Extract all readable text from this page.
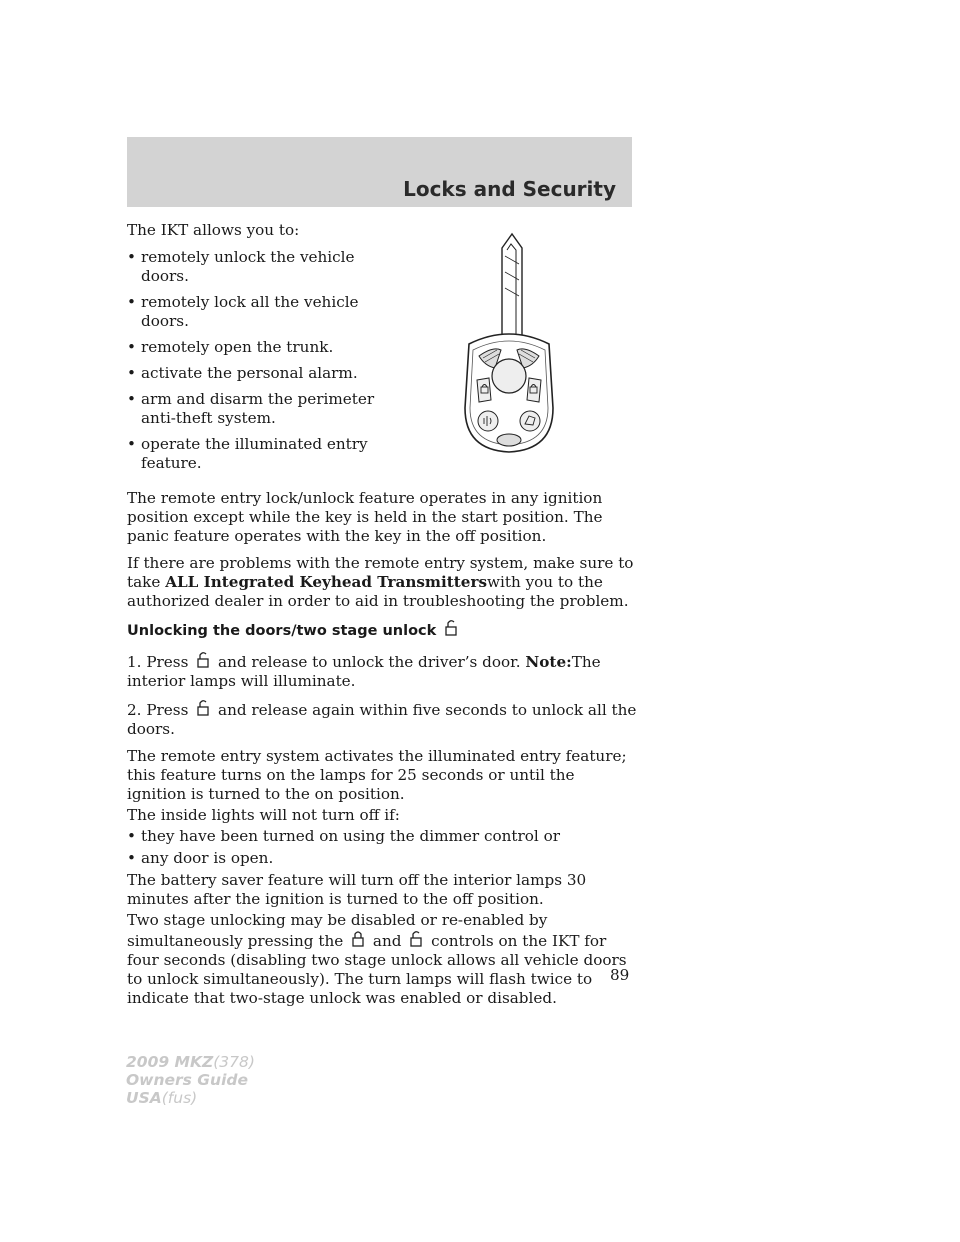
Locks and Security

The IKT allows you to:

• remotely unlock the vehicle doors.
• remotely lock all the vehicle doors.
• remotely open the trunk.
• activate the personal alarm.
• arm and disarm the perimeter anti-theft system.
• operate the illuminated entry feature.

The remote entry lock/unlock feature operates in any ignition position except while the key is held in the start position. The panic feature operates with the key in the off position.

If there are problems with the remote entry system, make sure to take ALL Integrated Keyhead Transmitterswith you to the authorized dealer in order to aid in troubleshooting the problem.

Unlocking the doors/two stage unlock

1. Press and release to unlock the driver’s door. Note:The interior lamps will illuminate.

2. Press and release again within five seconds to unlock all the doors.

The remote entry system activates the illuminated entry feature; this feature turns on the lamps for 25 seconds or until the ignition is turned to the on position.

The inside lights will not turn off if:

• they have been turned on using the dimmer control or
• any door is open.

The battery saver feature will turn off the interior lamps 30 minutes after the ignition is turned to the off position.

Two stage unlocking may be disabled or re-enabled by simultaneously pressing the and controls on the IKT for four seconds (disabling two stage unlock allows all vehicle doors to unlock simultaneously). The turn lamps will flash twice to indicate that two-stage unlock was enabled or disabled.

89
2009 MKZ(378)
Owners Guide
USA(fus)
